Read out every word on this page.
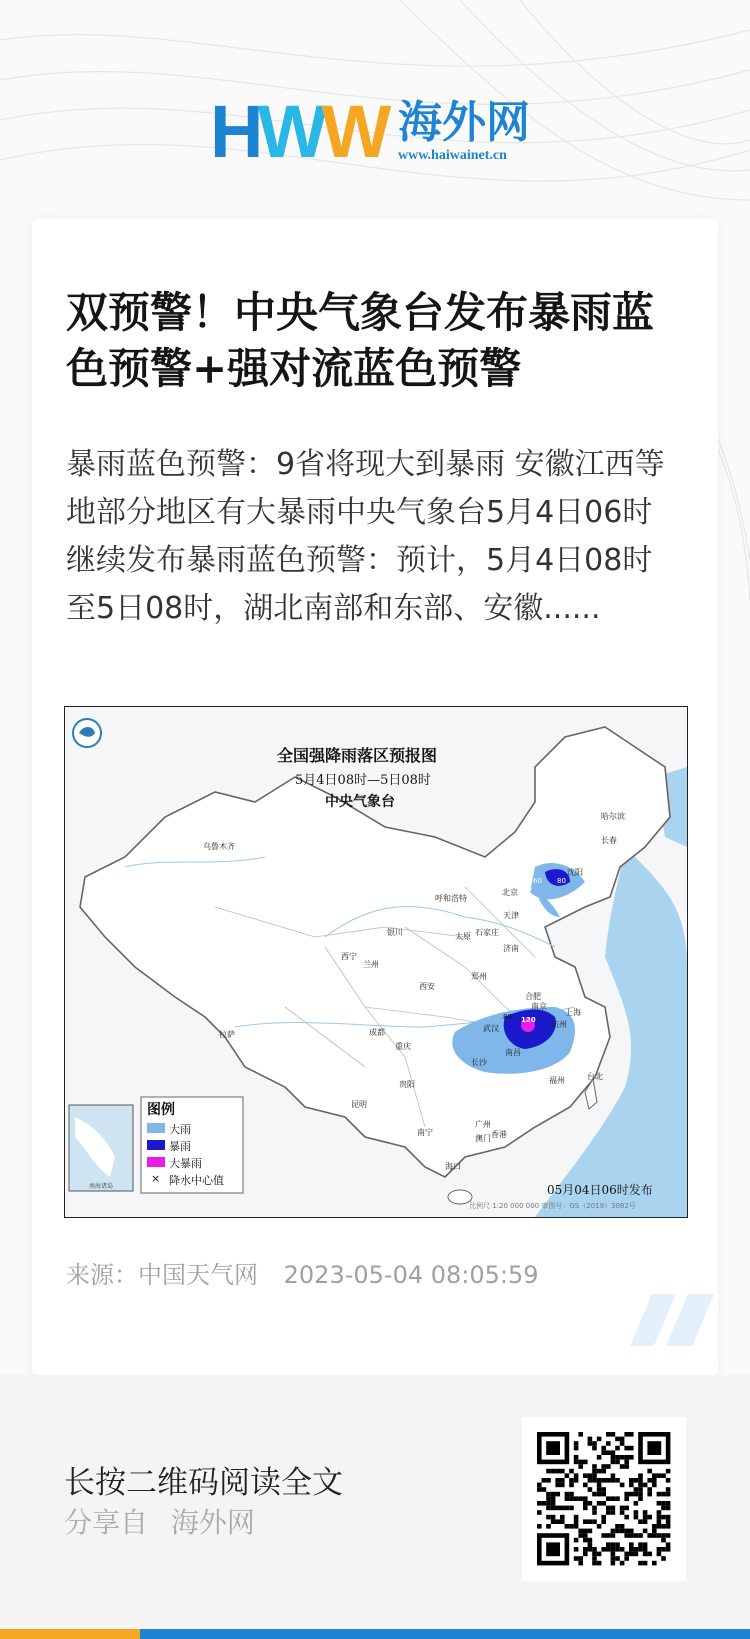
H W W 海外网
www.haiwainet.cn
双预警！中央气象台发布暴雨蓝色预警+强对流蓝色预警

暴雨蓝色预警：9省将现大到暴雨 安徽江西等地部分地区有大暴雨中央气象台5月4日06时继续发布暴雨蓝色预警：预计，5月4日08时至5日08时，湖北南部和东部、安徽......

全国强降雨落区预报图
5月4日08时—5日08时
中央气象台
05月04日06时发布
比例尺 1:20 000 000 审图号：GS（2019）3082号
南海诸岛
图例
大雨
暴雨
大暴雨
× 降水中心值
乌鲁木齐
哈尔滨
长春
沈阳
北京
天津
呼和浩特
石家庄
太原
济南
银川
西宁
兰州
郑州
西安
合肥
南京
上海
武汉	杭州
拉萨	成都
重庆
长沙
南昌
福州	台北
贵阳
昆明
南宁
广州
澳门 香港
海口
60 80
50
80 120
来源：中国天气网 2023-05-04 08:05:59
长按二维码阅读全文
分享自 海外网
